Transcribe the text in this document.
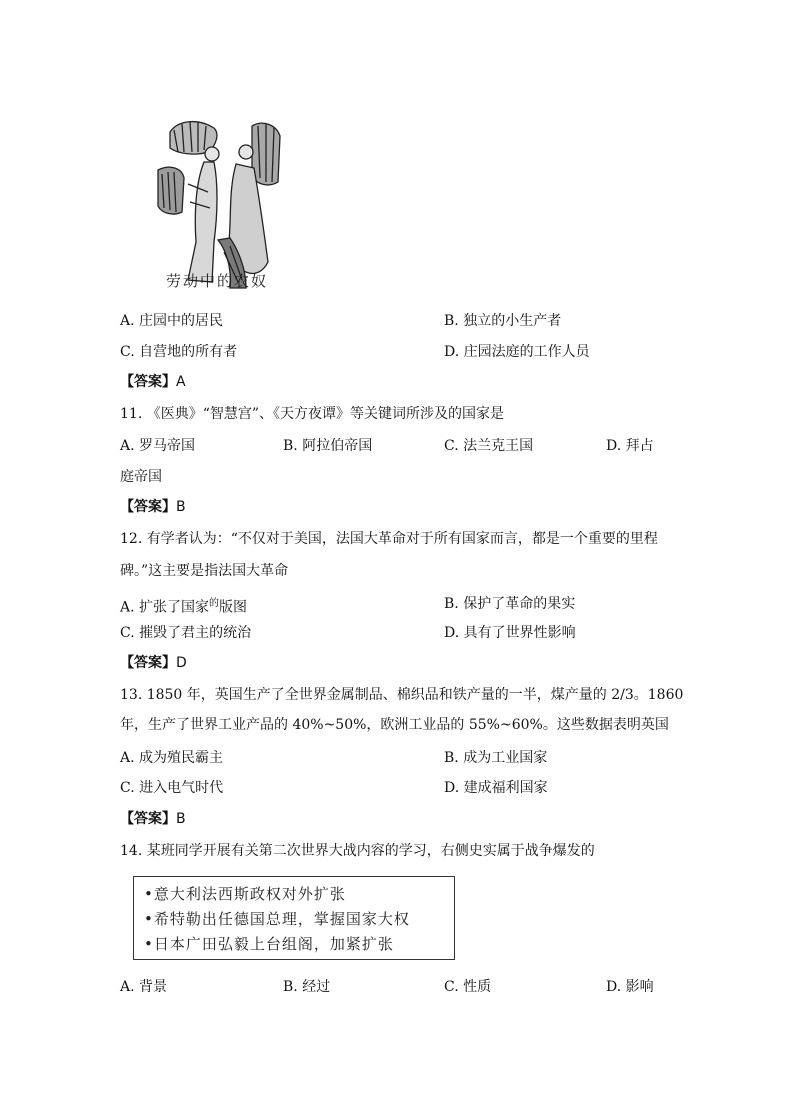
劳动中的农奴
A. 庄园中的居民	B. 独立的小生产者
C. 自营地的所有者	D. 庄园法庭的工作人员
【答案】A
11. 《医典》“智慧宫”、《天方夜谭》等关键词所涉及的国家是
A. 罗马帝国	B. 阿拉伯帝国	C. 法兰克王国	D. 拜占
庭帝国
【答案】B
12. 有学者认为：“不仅对于美国，法国大革命对于所有国家而言，都是一个重要的里程
碑。”这主要是指法国大革命
A. 扩张了国家$^的$版图	B. 保护了革命的果实
C. 摧毁了君主的统治	D. 具有了世界性影响
【答案】D
13. 1850 年，英国生产了全世界金属制品、棉织品和铁产量的一半，煤产量的 2/3。1860
年，生产了世界工业产品的 40%~50%，欧洲工业品的 55%~60%。这些数据表明英国
A. 成为殖民霸主	B. 成为工业国家
C. 进入电气时代	D. 建成福利国家
【答案】B
14. 某班同学开展有关第二次世界大战内容的学习，右侧史实属于战争爆发的
•意大利法西斯政权对外扩张
•希特勒出任德国总理，掌握国家大权
•日本广田弘毅上台组阁，加紧扩张
A. 背景	B. 经过	C. 性质	D. 影响
